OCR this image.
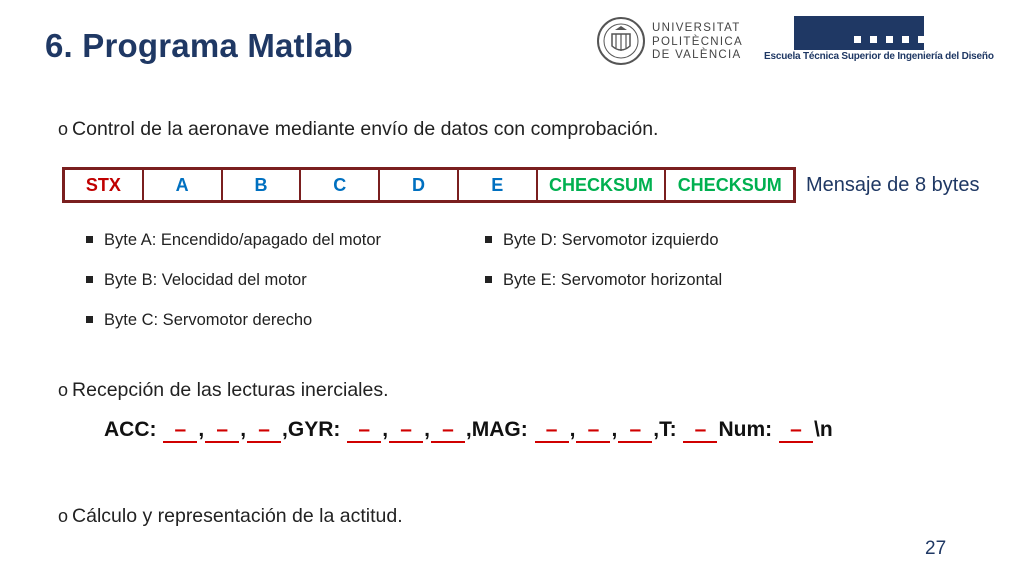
6. Programa Matlab	UNIVERSITAT
POLITÈCNICA
DE VALÈNCIA Escuela Técnica Superior de Ingeniería del Diseño
o Control de la aeronave mediante envío de datos con comprobación.
STX	A	B	C	D	E	CHECKSUM	CHECKSUM	Mensaje de 8 bytes
Byte A: Encendido/apagado del motor
Byte B: Velocidad del motor
Byte C: Servomotor derecho
Byte D: Servomotor izquierdo
Byte E: Servomotor horizontal
o Recepción de las lecturas inerciales.
ACC: – , – , – ,GYR: – , – , – ,MAG: – , – , – ,T: – Num: – \n
o Cálculo y representación de la actitud.
27
